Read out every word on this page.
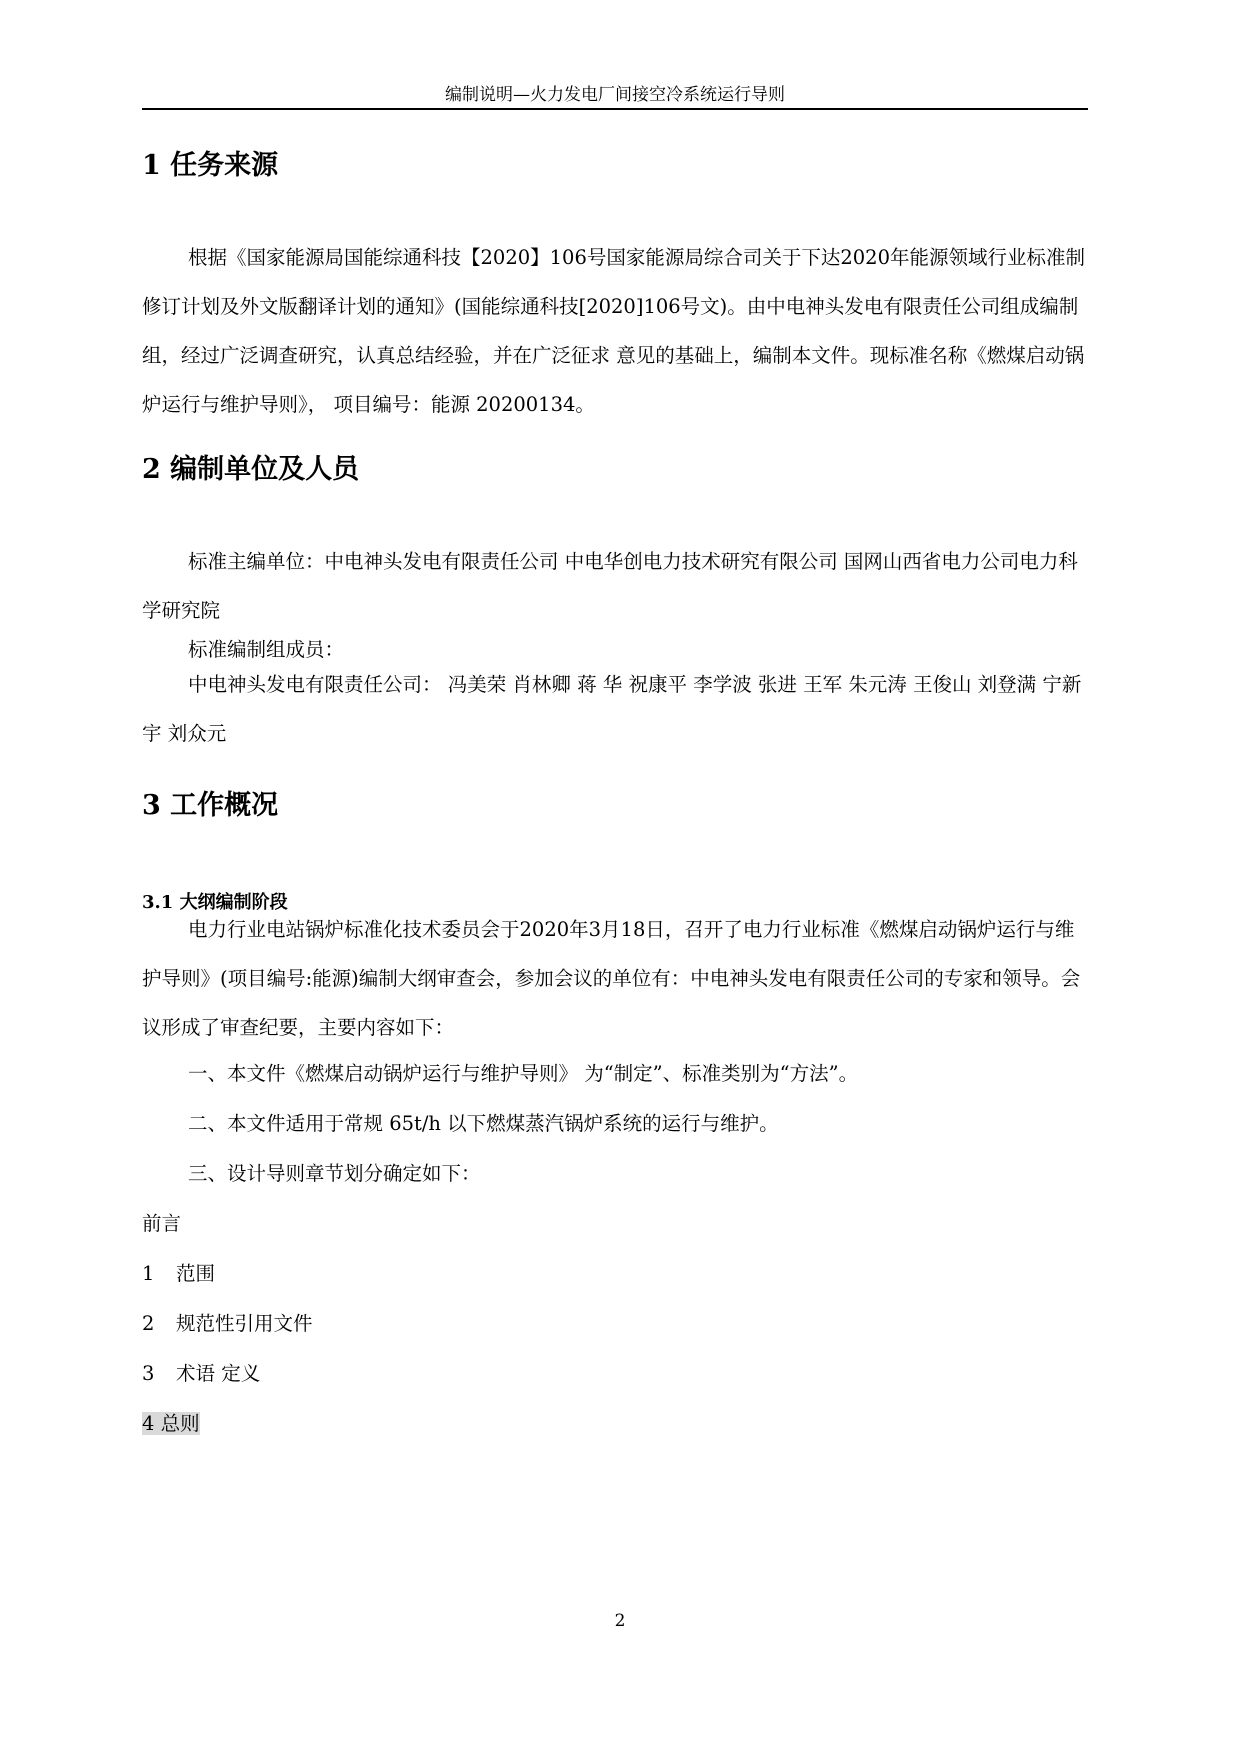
编制说明—火力发电厂间接空冷系统运行导则
1 任务来源

根据《国家能源局国能综通科技【2020】106号国家能源局综合司关于下达2020年能源领域行业标准制修订计划及外文版翻译计划的通知》(国能综通科技[2020]106号文)。由中电神头发电有限责任公司组成编制组，经过广泛调查研究，认真总结经验，并在广泛征求 意见的基础上，编制本文件。现标准名称《燃煤启动锅炉运行与维护导则》， 项目编号：能源 20200134。

2 编制单位及人员

标准主编单位：中电神头发电有限责任公司 中电华创电力技术研究有限公司 国网山西省电力公司电力科学研究院

标准编制组成员：

中电神头发电有限责任公司： 冯美荣 肖林卿 蒋 华 祝康平 李学波 张进 王军 朱元涛 王俊山 刘登满 宁新宇 刘众元

3 工作概况
3.1 大纲编制阶段

电力行业电站锅炉标准化技术委员会于2020年3月18日，召开了电力行业标准《燃煤启动锅炉运行与维护导则》(项目编号:能源)编制大纲审查会，参加会议的单位有：中电神头发电有限责任公司的专家和领导。会议形成了审查纪要，主要内容如下：

一、本文件《燃煤启动锅炉运行与维护导则》 为“制定”、标准类别为“方法”。
二、本文件适用于常规 65t/h 以下燃煤蒸汽锅炉系统的运行与维护。
三、设计导则章节划分确定如下：
前言
1 范围
2 规范性引用文件
3 术语 定义
4 总则
2
